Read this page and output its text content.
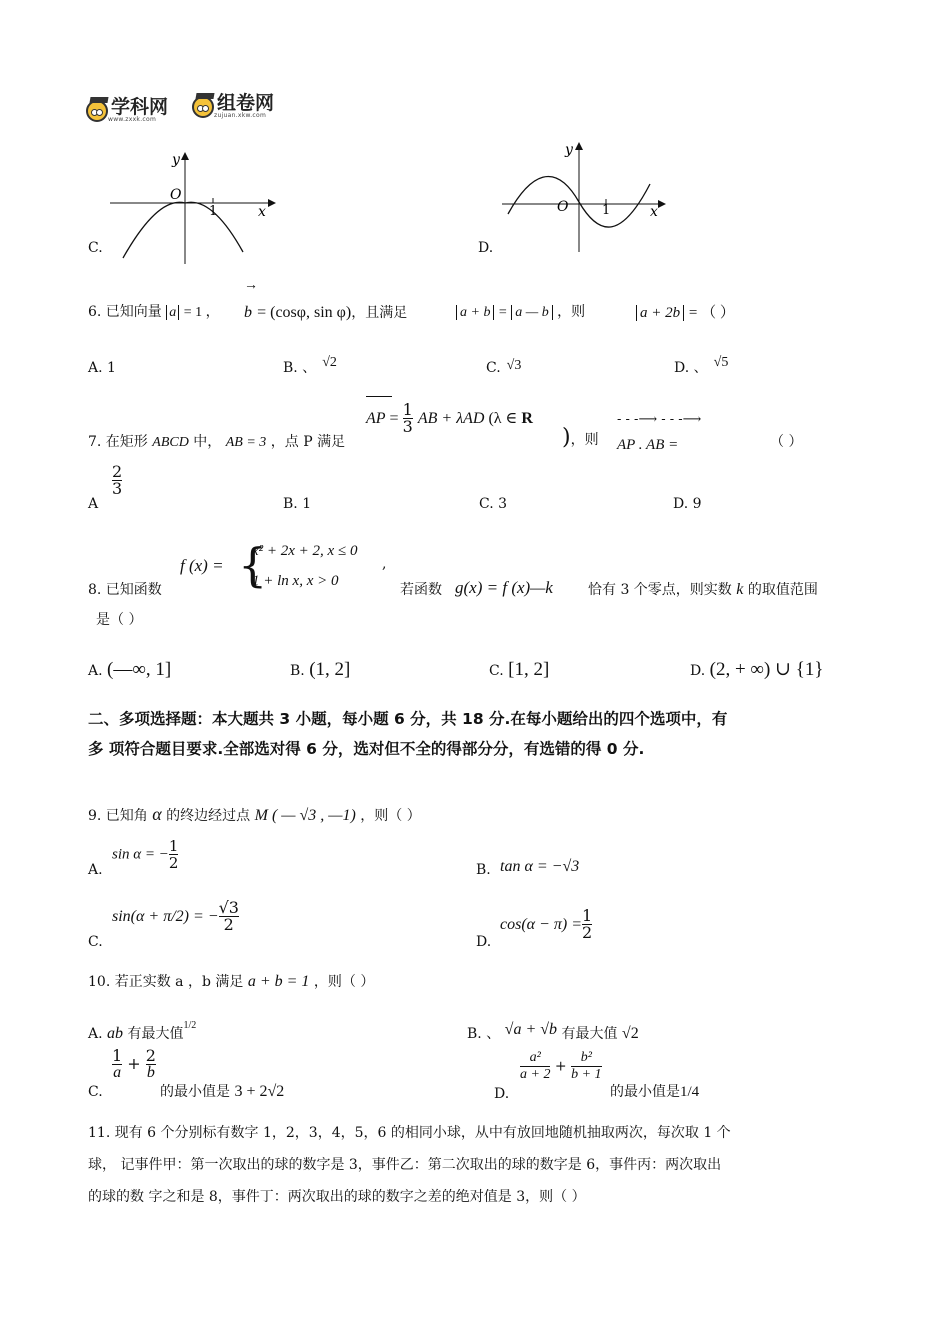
学科网
www.zxxk.com
组卷网
zujuan.xkw.com
C.
y
O
1	x
D.
y
O	1	x
6. 已知向量 a = 1 ，
→
b = (cosφ, sin φ)，且满足	a + b = a — b ，则	a + 2b = （ ）
A. 1	B. 、 √2	C. √3	D. 、 √5
7. 在矩形 ABCD 中， AB = 3 ，点 P 满足
AP = $\frac{1}{3}$ AB + λAD (λ ∈ R
)，则 AP . AB =
- - -⟶ - - -⟶
（ ）
A
$\frac{2}{3}$
B. 1	C. 3	D. 9
8. 已知函数
f (x) = {
x² + 2x + 2, x ≤ 0
1 + ln x, x > 0
,
若函数 g(x) = f (x)—k	恰有 3 个零点，则实数 k 的取值范围
是（ ）
A. (—∞, 1]	B. (1, 2]	C. [1, 2]	D. (2, + ∞) ∪ {1}
二、多项选择题：本大题共 3 小题，每小题 6 分，共 18 分.在每小题给出的四个选项中，有
多 项符合题目要求.全部选对得 6 分，选对但不全的得部分分，有选错的得 0 分.
9. 已知角 α 的终边经过点 M ( — √3 , —1) ，则（ ）
A.
sin α = − $\frac{1}{2}$	B. tan α = −√3
C.
sin(α + π/2) = − $\frac{√3}{2}$
D.
$\cos(\alpha - \pi) = \frac{1}{2}$
10. 若正实数 a ，b 满足 a + b = 1 ，则（ ）
A. ab 有最大值$^{1/2}$
B. 、 √a + √b 有最大值 √2
C.
$\frac{1}{a} + \frac{2}{b}$
的最小值是 3 + 2√2	D.
$\frac{\text{a²}}{a + 2} + \frac{\text{b²}}{b + 1}$
的最小值是1/4
11. 现有 6 个分别标有数字 1，2，3，4，5，6 的相同小球，从中有放回地随机抽取两次，每次取 1 个
球， 记事件甲：第一次取出的球的数字是 3，事件乙：第二次取出的球的数字是 6，事件丙：两次取出
的球的数 字之和是 8，事件丁：两次取出的球的数字之差的绝对值是 3，则（ ）
